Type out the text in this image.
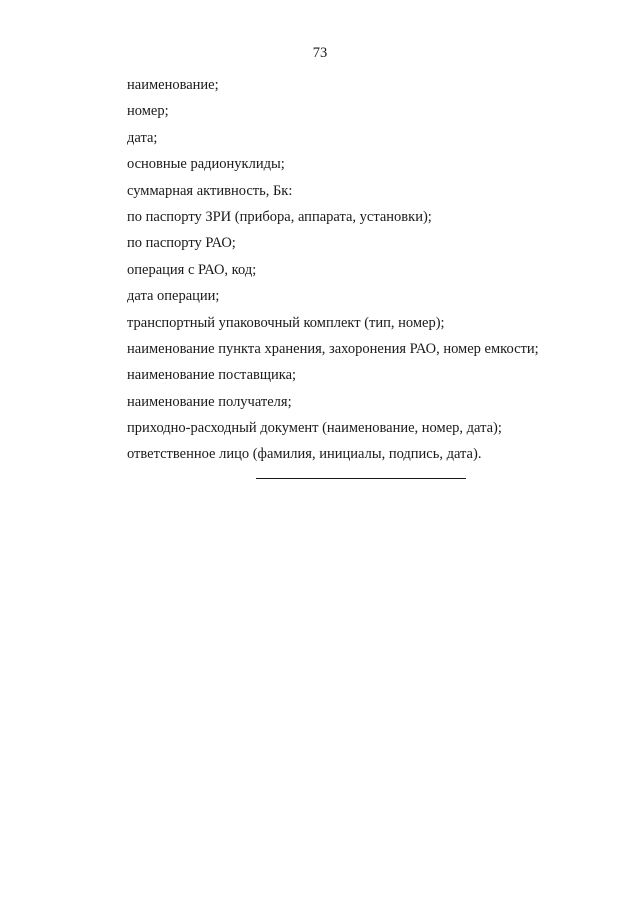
73
наименование;
номер;
дата;
основные радионуклиды;
суммарная активность, Бк:
по паспорту ЗРИ (прибора, аппарата, установки);
по паспорту РАО;
операция с РАО, код;
дата операции;
транспортный упаковочный комплект (тип, номер);
наименование пункта хранения, захоронения РАО, номер емкости;
наименование поставщика;
наименование получателя;
приходно-расходный документ (наименование, номер, дата);
ответственное лицо (фамилия, инициалы, подпись, дата).
